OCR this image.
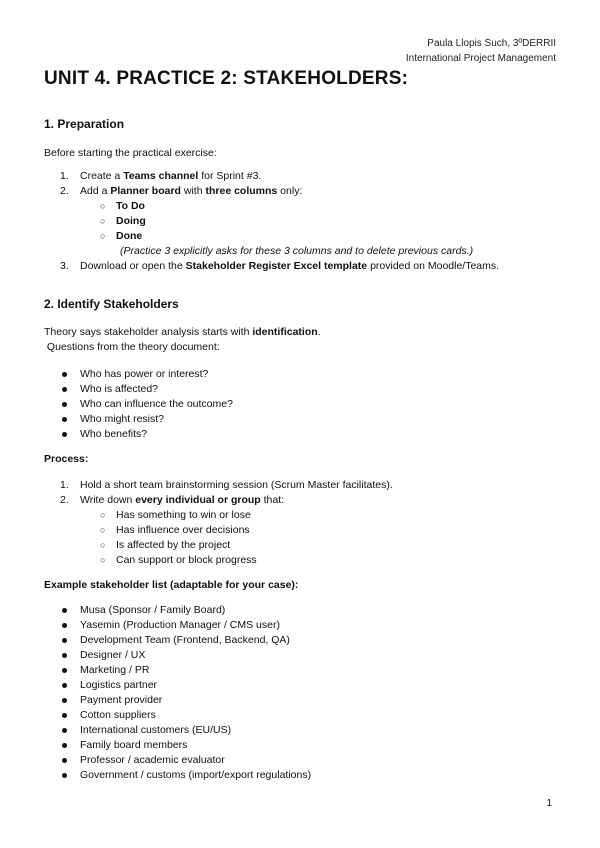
Paula Llopis Such, 3ºDERRII
International Project Management
UNIT 4. PRACTICE 2: STAKEHOLDERS:
1. Preparation
Before starting the practical exercise:
1.	Create a Teams channel for Sprint #3.
2.	Add a Planner board with three columns only:
○ To Do
○ Doing
○ Done
(Practice 3 explicitly asks for these 3 columns and to delete previous cards.)
3.	Download or open the Stakeholder Register Excel template provided on Moodle/Teams.
2. Identify Stakeholders
Theory says stakeholder analysis starts with identification.
Questions from the theory document:
Who has power or interest?
Who is affected?
Who can influence the outcome?
Who might resist?
Who benefits?
Process:
1.	Hold a short team brainstorming session (Scrum Master facilitates).
2.	Write down every individual or group that:
○ Has something to win or lose
○ Has influence over decisions
○ Is affected by the project
○ Can support or block progress
Example stakeholder list (adaptable for your case):
Musa (Sponsor / Family Board)
Yasemin (Production Manager / CMS user)
Development Team (Frontend, Backend, QA)
Designer / UX
Marketing / PR
Logistics partner
Payment provider
Cotton suppliers
International customers (EU/US)
Family board members
Professor / academic evaluator
Government / customs (import/export regulations)
1
